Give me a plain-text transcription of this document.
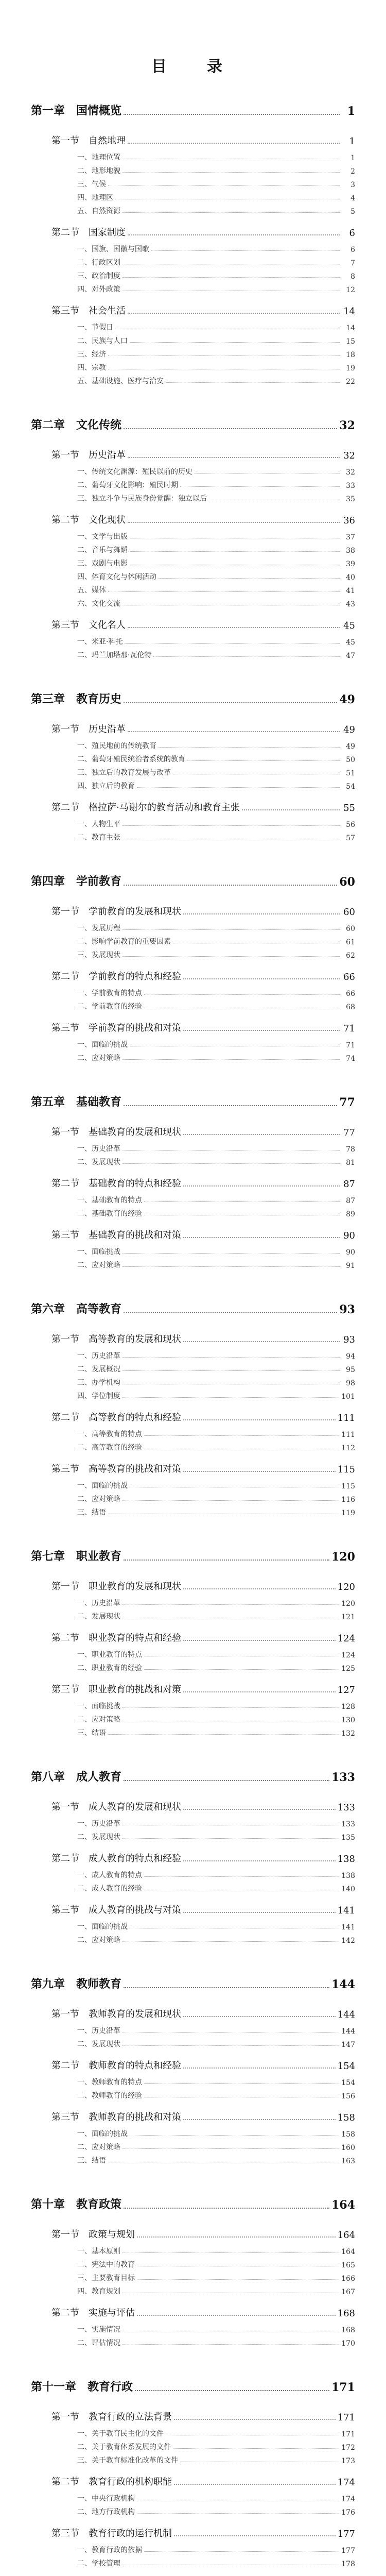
目　录
第一章　国情概览	1
第一节　自然地理	1
一、地理位置	1
二、地形地貌	2
三、气候	3
四、地理区	4
五、自然资源	5
第二节　国家制度	6
一、国旗、国徽与国歌	6
二、行政区划	7
三、政治制度	8
四、对外政策	12
第三节　社会生活	14
一、节假日	14
二、民族与人口	15
三、经济	18
四、宗教	19
五、基础设施、医疗与治安	22
第二章　文化传统	32
第一节　历史沿革	32
一、传统文化渊源：殖民以前的历史	32
二、葡萄牙文化影响：殖民时期	33
三、独立斗争与民族身份觉醒：独立以后	35
第二节　文化现状	36
一、文学与出版	37
二、音乐与舞蹈	38
三、戏剧与电影	39
四、体育文化与休闲活动	40
五、媒体	41
六、文化交流	43
第三节　文化名人	45
一、米亚·科托	45
二、玛兰加塔那·瓦伦特	47
第三章　教育历史	49
第一节　历史沿革	49
一、殖民地前的传统教育	49
二、葡萄牙殖民统治者系统的教育	50
三、独立后的教育发展与改革	51
四、独立后的教育	54
第二节　格拉萨·马谢尔的教育活动和教育主张	55
一、人物生平	56
二、教育主张	57
第四章　学前教育	60
第一节　学前教育的发展和现状	60
一、发展历程	60
二、影响学前教育的重要因素	61
三、发展现状	62
第二节　学前教育的特点和经验	66
一、学前教育的特点	66
二、学前教育的经验	68
第三节　学前教育的挑战和对策	71
一、面临的挑战	71
二、应对策略	74
第五章　基础教育	77
第一节　基础教育的发展和现状	77
一、历史沿革	78
二、发展现状	81
第二节　基础教育的特点和经验	87
一、基础教育的特点	87
二、基础教育的经验	89
第三节　基础教育的挑战和对策	90
一、面临挑战	90
二、应对策略	91
第六章　高等教育	93
第一节　高等教育的发展和现状	93
一、历史沿革	94
二、发展概况	95
三、办学机构	98
四、学位制度	101
第二节　高等教育的特点和经验	111
一、高等教育的特点	111
二、高等教育的经验	112
第三节　高等教育的挑战和对策	115
一、面临的挑战	115
二、应对策略	116
三、结语	119
第七章　职业教育	120
第一节　职业教育的发展和现状	120
一、历史沿革	120
二、发展现状	121
第二节　职业教育的特点和经验	124
一、职业教育的特点	124
二、职业教育的经验	125
第三节　职业教育的挑战和对策	127
一、面临挑战	128
二、应对策略	130
三、结语	132
第八章　成人教育	133
第一节　成人教育的发展和现状	133
一、历史沿革	133
二、发展现状	135
第二节　成人教育的特点和经验	138
一、成人教育的特点	138
二、成人教育的经验	140
第三节　成人教育的挑战与对策	141
一、面临的挑战	141
二、应对策略	142
第九章　教师教育	144
第一节　教师教育的发展和现状	144
一、历史沿革	144
二、发展现状	147
第二节　教师教育的特点和经验	154
一、教师教育的特点	154
二、教师教育的经验	156
第三节　教师教育的挑战和对策	158
一、面临的挑战	158
二、应对策略	160
三、结语	163
第十章　教育政策	164
第一节　政策与规划	164
一、基本原则	164
二、宪法中的教育	165
三、主要教育目标	166
四、教育规划	167
第二节　实施与评估	168
一、实施情况	168
二、评估情况	170
第十一章　教育行政	171
第一节　教育行政的立法背景	171
一、关于教育民主化的文件	171
二、关于教育体系发展的文件	172
三、关于教育标准化改革的文件	173
第二节　教育行政的机构职能	174
一、中央行政机构	174
二、地方行政机构	176
第三节　教育行政的运行机制	177
一、教育行政的依据	177
二、学校管理	178
